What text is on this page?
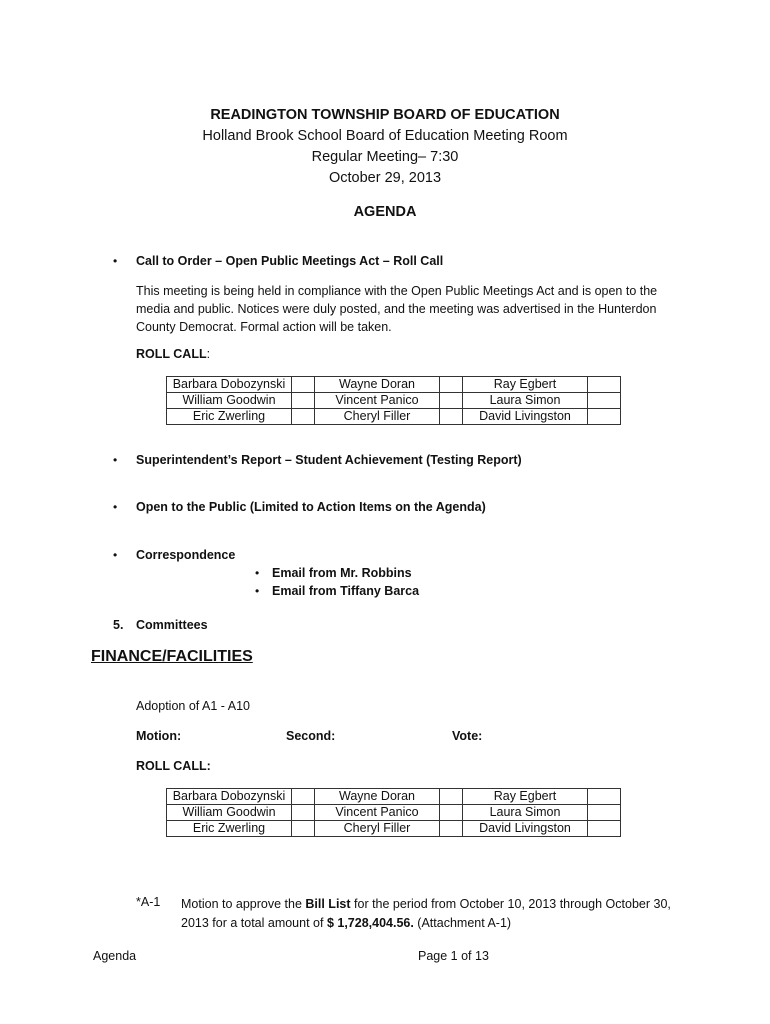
READINGTON TOWNSHIP BOARD OF EDUCATION
Holland Brook School Board of Education Meeting Room
Regular Meeting– 7:30
October 29, 2013
AGENDA
• Call to Order – Open Public Meetings Act – Roll Call
This meeting is being held in compliance with the Open Public Meetings Act and is open to the
media and public. Notices were duly posted, and the meeting was advertised in the Hunterdon
County Democrat. Formal action will be taken.
ROLL CALL:
Barbara Dobozynski		Wayne Doran		Ray Egbert	
William Goodwin		Vincent Panico		Laura Simon	
Eric Zwerling		Cheryl Filler		David Livingston	
• Superintendent’s Report – Student Achievement (Testing Report)
• Open to the Public (Limited to Action Items on the Agenda)
• Correspondence
• Email from Mr. Robbins
• Email from Tiffany Barca
5. Committees
FINANCE/FACILITIES
Adoption of A1 - A10
Motion:	Second:	Vote:
ROLL CALL:
Barbara Dobozynski		Wayne Doran		Ray Egbert	
William Goodwin		Vincent Panico		Laura Simon	
Eric Zwerling		Cheryl Filler		David Livingston	
*A-1 Motion to approve the Bill List for the period from October 10, 2013 through October 30,
2013 for a total amount of $ 1,728,404.56. (Attachment A-1)
Agenda	Page 1 of 13
